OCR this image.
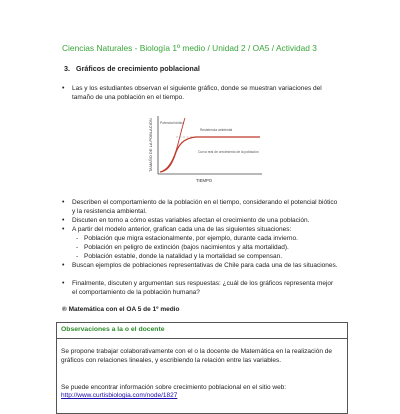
Ciencias Naturales - Biología 1º medio / Unidad 2 / OA5 / Actividad 3
3. Gráficos de crecimiento poblacional
• Las y los estudiantes observan el siguiente gráfico, donde se muestran variaciones del tamaño de una población en el tiempo.
TAMAÑO DE LA POBLACIÓN
TIEMPO
Potencial biótico
Resistencia ambiental
Curva real de crecimiento de la población
• Describen el comportamiento de la población en el tiempo, considerando el potencial biótico y la resistencia ambiental.
• Discuten en torno a cómo estas variables afectan el crecimiento de una población.
• A partir del modelo anterior, grafican cada una de las siguientes situaciones:
- Población que migra estacionalmente, por ejemplo, durante cada invierno.
- Población en peligro de extinción (bajos nacimientos y alta mortalidad).
- Población estable, donde la natalidad y la mortalidad se compensan.
• Buscan ejemplos de poblaciones representativas de Chile para cada una de las situaciones.
• Finalmente, discuten y argumentan sus respuestas: ¿cuál de los gráficos representa mejor el comportamiento de la población humana?
® Matemática con el OA 5 de 1º medio
Observaciones a la o el docente
Se propone trabajar colaborativamente con el o la docente de Matemática en la realización de gráficos con relaciones lineales, y escribiendo la relación entre las variables.
Se puede encontrar información sobre crecimiento poblacional en el sitio web:
http://www.curtisbiologia.com/node/1827
